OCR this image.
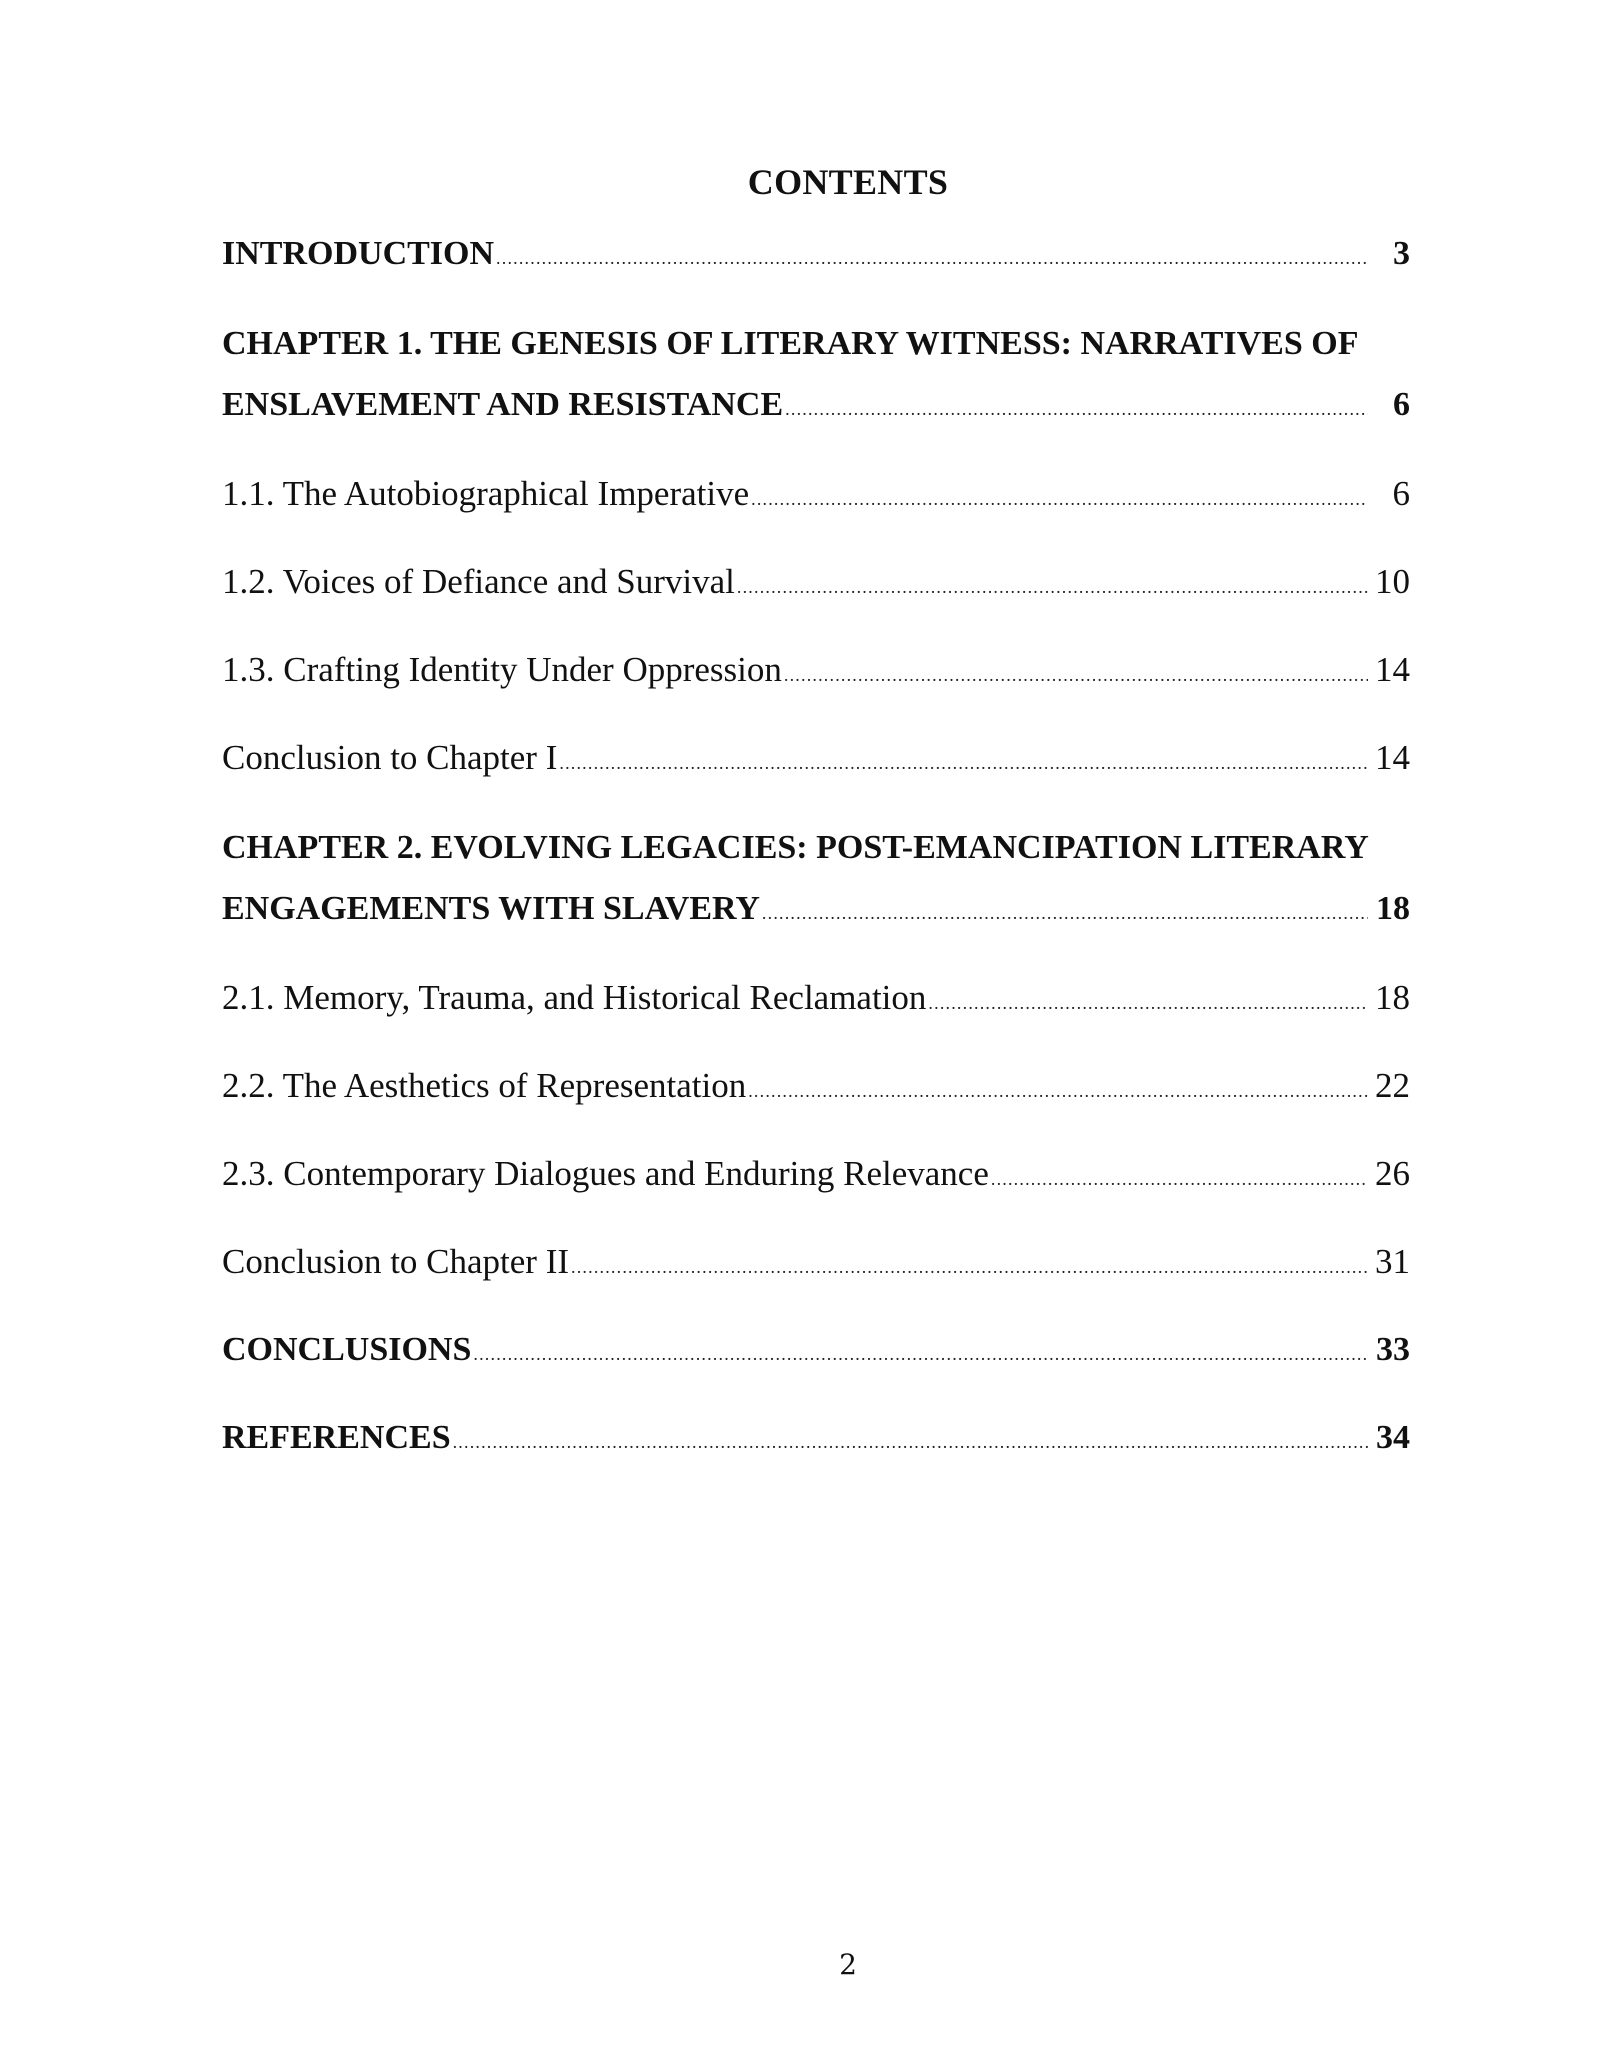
CONTENTS
INTRODUCTION .....	3
CHAPTER 1. THE GENESIS OF LITERARY WITNESS: NARRATIVES OF
ENSLAVEMENT AND RESISTANCE .....	6
1.1. The Autobiographical Imperative .....	6
1.2. Voices of Defiance and Survival .....	10
1.3. Crafting Identity Under Oppression .....	14
Conclusion to Chapter I .....	14
CHAPTER 2. EVOLVING LEGACIES: POST-EMANCIPATION LITERARY
ENGAGEMENTS WITH SLAVERY .....	18
2.1. Memory, Trauma, and Historical Reclamation .....	18
2.2. The Aesthetics of Representation .....	22
2.3. Contemporary Dialogues and Enduring Relevance .....	26
Conclusion to Chapter II .....	31
CONCLUSIONS .....	33
REFERENCES .....	34
2
